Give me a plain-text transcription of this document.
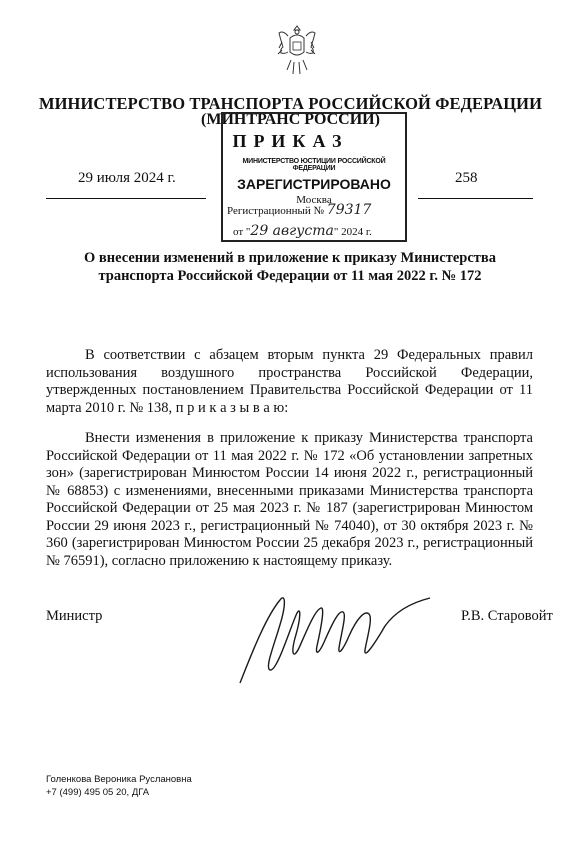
МИНИСТЕРСТВО ТРАНСПОРТА РОССИЙСКОЙ ФЕДЕРАЦИИ
(МИНТРАНС РОССИИ)
ПРИКАЗ
МИНИСТЕРСТВО ЮСТИЦИИ РОССИЙСКОЙ ФЕДЕРАЦИИ
ЗАРЕГИСТРИРОВАНО
Москва
Регистрационный № 79317
от "29 августа" 2024 г.
29 июля 2024 г.	258
О внесении изменений в приложение к приказу Министерства транспорта Российской Федерации от 11 мая 2022 г. № 172
В соответствии с абзацем вторым пункта 29 Федеральных правил использования воздушного пространства Российской Федерации, утвержденных постановлением Правительства Российской Федерации от 11 марта 2010 г. № 138, п р и к а з ы в а ю:
Внести изменения в приложение к приказу Министерства транспорта Российской Федерации от 11 мая 2022 г. № 172 «Об установлении запретных зон» (зарегистрирован Минюстом России 14 июня 2022 г., регистрационный № 68853) с изменениями, внесенными приказами Министерства транспорта Российской Федерации от 25 мая 2023 г. № 187 (зарегистрирован Минюстом России 29 июня 2023 г., регистрационный № 74040), от 30 октября 2023 г. № 360 (зарегистрирован Минюстом России 25 декабря 2023 г., регистрационный № 76591), согласно приложению к настоящему приказу.
Министр	Р.В. Старовойт
Голенкова Вероника Руслановна
+7 (499) 495 05 20, ДГА
